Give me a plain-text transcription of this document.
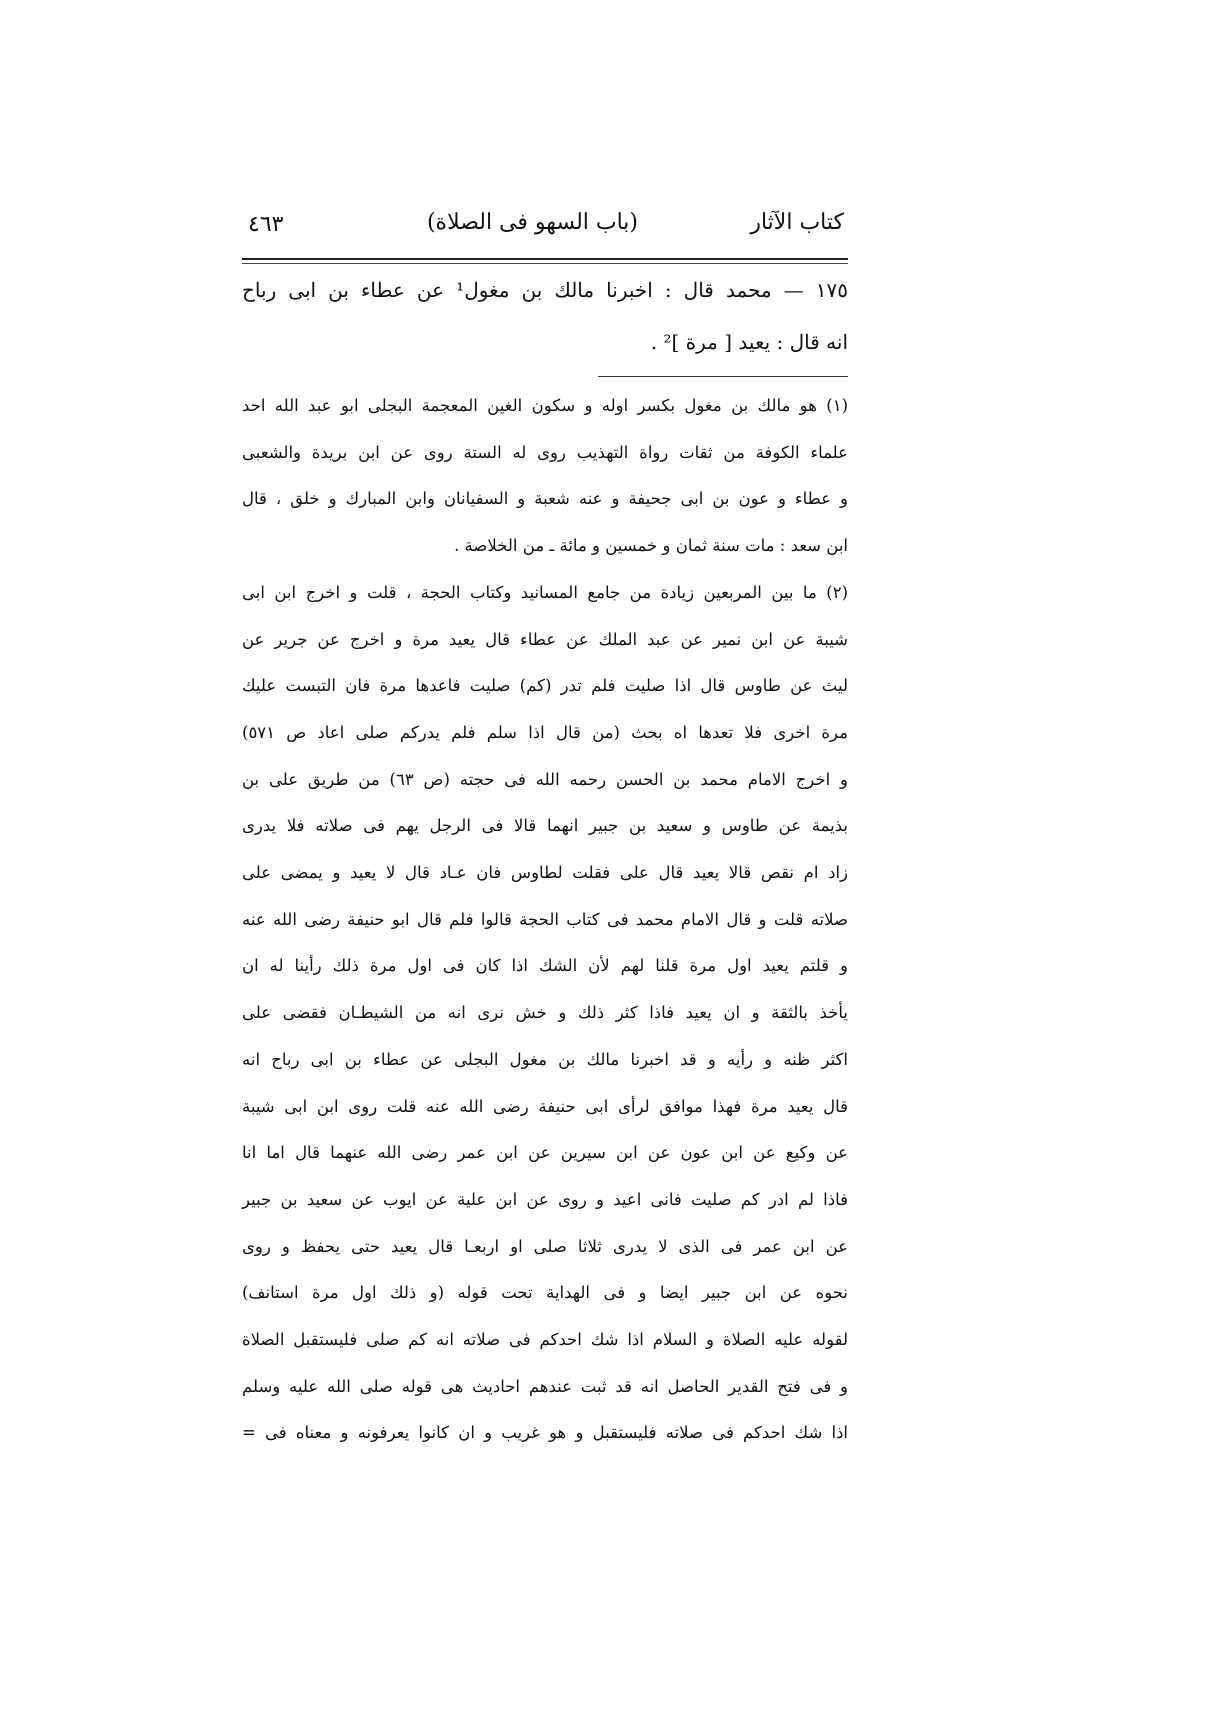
كتاب الآثار
(باب السهو فى الصلاة)
٤٦٣
١٧٥ — محمد قال : اخبرنا مالك بن مغول¹ عن عطاء بن ابى رباح
انه قال : يعيد [ مرة ]² .
(١) هو مالك بن مغول بكسر اوله و سكون الغين المعجمة البجلى ابو عبد الله احد
علماء الكوفة من ثقات رواة التهذيب روى له الستة روى عن ابن بريدة والشعبى
و عطاء و عون بن ابى جحيفة و عنه شعبة و السفيانان وابن المبارك و خلق ، قال
ابن سعد : مات سنة ثمان و خمسين و مائة ـ من الخلاصة .
(٢) ما بين المربعين زيادة من جامع المسانيد وكتاب الحجة ، قلت و اخرج ابن ابى
شيبة عن ابن نمير عن عبد الملك عن عطاء قال يعيد مرة و اخرج عن جرير عن
ليث عن طاوس قال اذا صليت فلم تدر (كم) صليت فاعدها مرة فان التبست عليك
مرة اخرى فلا تعدها اه بحث (من قال اذا سلم فلم يدركم صلى اعاد ص ٥٧١)
و اخرج الامام محمد بن الحسن رحمه الله فى حجته (ص ٦٣) من طريق على بن
بذيمة عن طاوس و سعيد بن جبير انهما قالا فى الرجل يهم فى صلاته فلا يدرى
زاد ام نقص قالا يعيد قال على فقلت لطاوس فان عـاد قال لا يعيد و يمضى على
صلاته قلت و قال الامام محمد فى كتاب الحجة قالوا فلم قال ابو حنيفة رضى الله عنه
و قلتم يعيد اول مرة قلنا لهم لأن الشك اذا كان فى اول مرة ذلك رأينا له ان
يأخذ بالثقة و ان يعيد فاذا كثر ذلك و خش نرى انه من الشيطـان فقضى على
اكثر ظنه و رأيه و قد اخبرنا مالك بن مغول البجلى عن عطاء بن ابى رباح انه
قال يعيد مرة فهذا موافق لرأى ابى حنيفة رضى الله عنه قلت روى ابن ابى شيبة
عن وكيع عن ابن عون عن ابن سيرين عن ابن عمر رضى الله عنهما قال اما انا
فاذا لم ادر كم صليت فانى اعيد و روى عن ابن علية عن ايوب عن سعيد بن جبير
عن ابن عمر فى الذى لا يدرى ثلاثا صلى او اربعـا قال يعيد حتى يحفظ و روى
نحوه عن ابن جبير ايضا و فى الهداية تحت قوله (و ذلك اول مرة استانف)
لقوله عليه الصلاة و السلام اذا شك احدكم فى صلاته انه كم صلى فليستقبل الصلاة
و فى فتح القدير الحاصل انه قد ثبت عندهم احاديث هى قوله صلى الله عليه وسلم
اذا شك احدكم فى صلاته فليستقبل و هو غريب و ان كانوا يعرفونه و معناه فى =
